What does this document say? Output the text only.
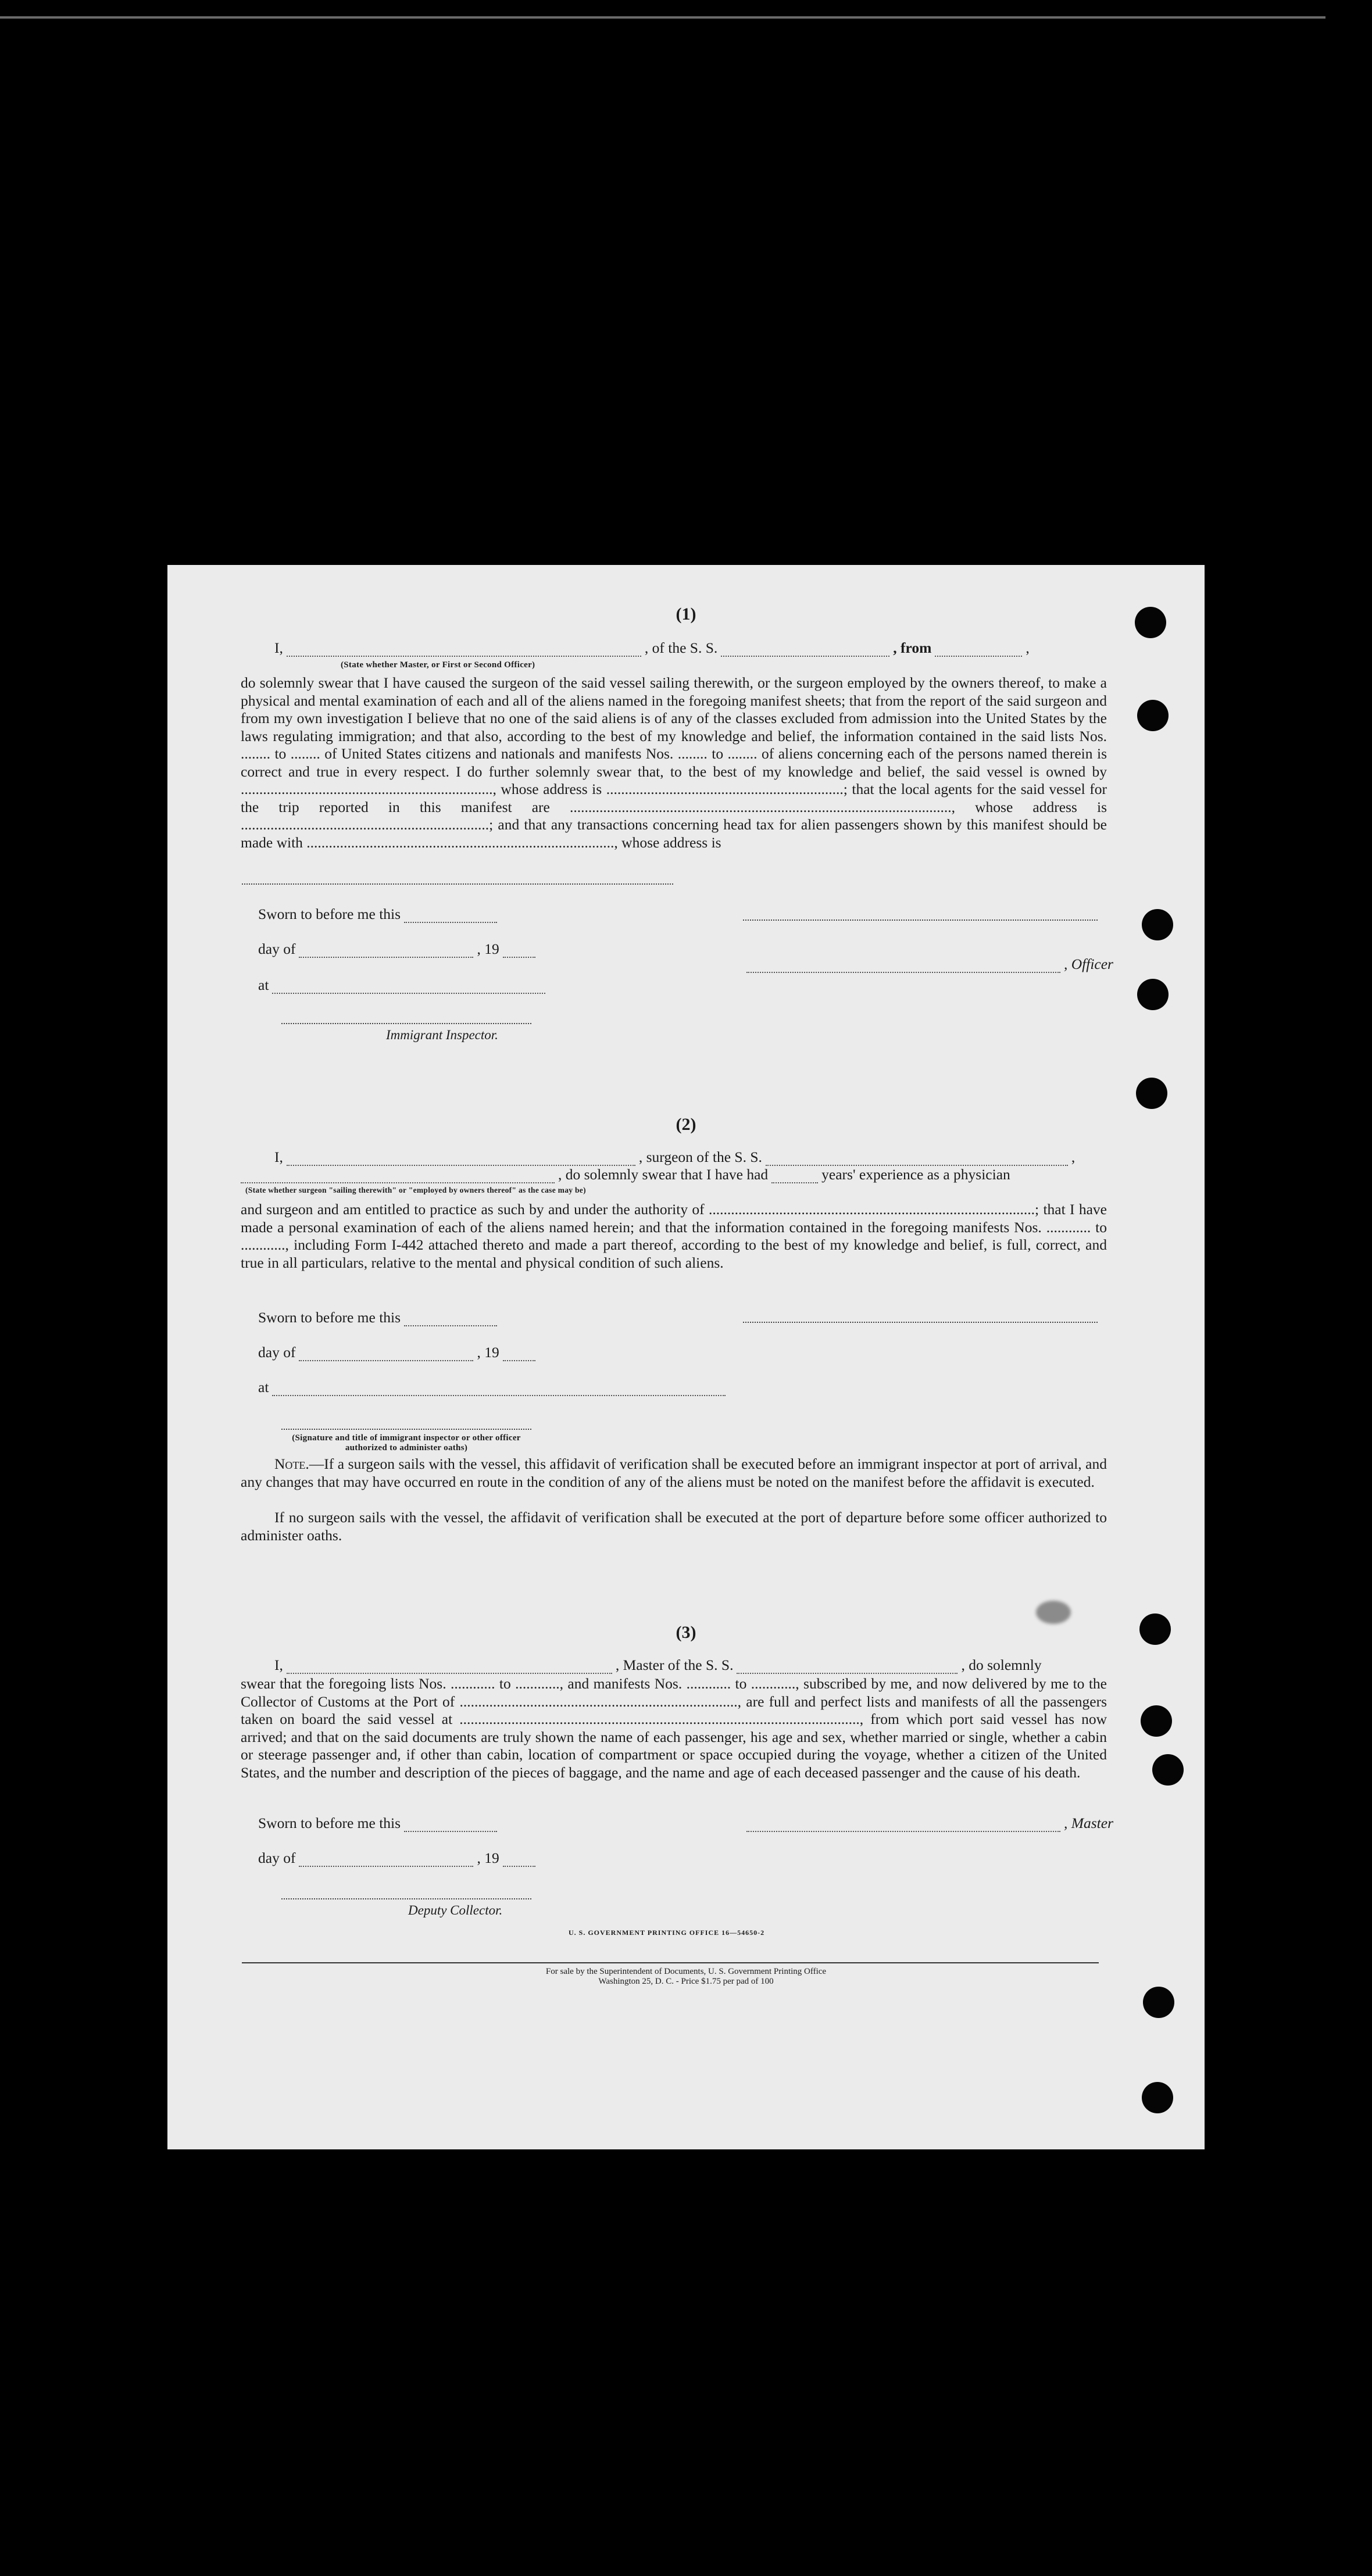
(1)
I,	, of the S. S.	, from	,
(State whether Master, or First or Second Officer)
do solemnly swear that I have caused the surgeon of the said vessel sailing therewith, or the surgeon employed by the owners thereof, to make a physical and mental examination of each and all of the aliens named in the foregoing manifest sheets; that from the report of the said surgeon and from my own investigation I believe that no one of the said aliens is of any of the classes excluded from admission into the United States by the laws regulating immigration; and that also, according to the best of my knowledge and belief, the information contained in the said lists Nos. ........ to ........ of United States citizens and nationals and manifests Nos. ........ to ........ of aliens concerning each of the persons named therein is correct and true in every respect. I do further solemnly swear that, to the best of my knowledge and belief, the said vessel is owned by ...................................................................., whose address is ................................................................; that the local agents for the said vessel for the trip reported in this manifest are ......................................................................................................., whose address is ...................................................................; and that any transactions concerning head tax for alien passengers shown by this manifest should be made with ..................................................................................., whose address is
Sworn to before me this
day of	, 19
, Officer
at
Immigrant Inspector.
(2)
I,	, surgeon of the S. S.	,
, do solemnly swear that I have had	years' experience as a physician
(State whether surgeon "sailing therewith" or "employed by owners thereof" as the case may be)
and surgeon and am entitled to practice as such by and under the authority of ........................................................................................; that I have made a personal examination of each of the aliens named herein; and that the information contained in the foregoing manifests Nos. ............ to ............, including Form I-442 attached thereto and made a part thereof, according to the best of my knowledge and belief, is full, correct, and true in all particulars, relative to the mental and physical condition of such aliens.
Sworn to before me this
day of	, 19
at
(Signature and title of immigrant inspector or other officer authorized to administer oaths)
Note.—If a surgeon sails with the vessel, this affidavit of verification shall be executed before an immigrant inspector at port of arrival, and any changes that may have occurred en route in the condition of any of the aliens must be noted on the manifest before the affidavit is executed.
If no surgeon sails with the vessel, the affidavit of verification shall be executed at the port of departure before some officer authorized to administer oaths.
(3)
I,	, Master of the S. S.	, do solemnly
swear that the foregoing lists Nos. ............ to ............, and manifests Nos. ............ to ............, subscribed by me, and now delivered by me to the Collector of Customs at the Port of ..........................................................................., are full and perfect lists and manifests of all the passengers taken on board the said vessel at ............................................................................................................, from which port said vessel has now arrived; and that on the said documents are truly shown the name of each passenger, his age and sex, whether married or single, whether a cabin or steerage passenger and, if other than cabin, location of compartment or space occupied during the voyage, whether a citizen of the United States, and the number and description of the pieces of baggage, and the name and age of each deceased passenger and the cause of his death.
Sworn to before me this	, Master
day of	, 19
Deputy Collector.
U. S. GOVERNMENT PRINTING OFFICE 16—54650-2
For sale by the Superintendent of Documents, U. S. Government Printing Office
Washington 25, D. C. - Price $1.75 per pad of 100
